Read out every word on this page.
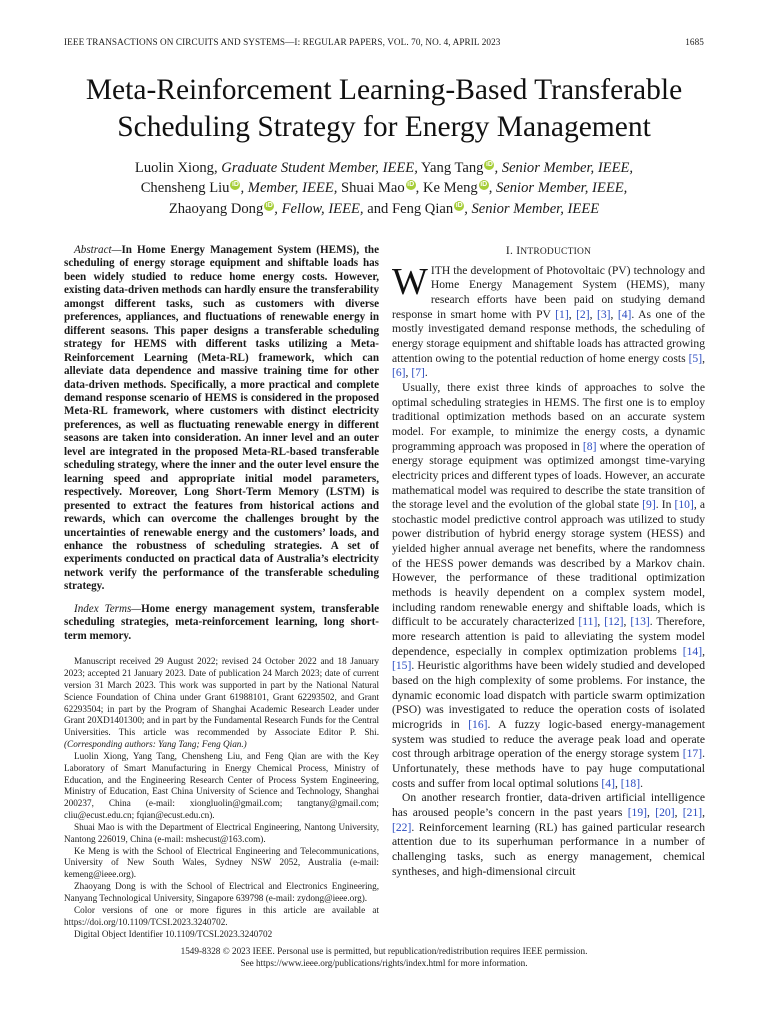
IEEE TRANSACTIONS ON CIRCUITS AND SYSTEMS—I: REGULAR PAPERS, VOL. 70, NO. 4, APRIL 2023	1685
Meta-Reinforcement Learning-Based Transferable
Scheduling Strategy for Energy Management
Luolin Xiong, Graduate Student Member, IEEE, Yang Tang iD , Senior Member, IEEE,
Chensheng Liu iD , Member, IEEE, Shuai Mao iD , Ke Meng iD , Senior Member, IEEE,
Zhaoyang Dong iD , Fellow, IEEE, and Feng Qian iD , Senior Member, IEEE

Abstract—In Home Energy Management System (HEMS), the scheduling of energy storage equipment and shiftable loads has been widely studied to reduce home energy costs. However, existing data-driven methods can hardly ensure the transferability amongst different tasks, such as customers with diverse preferences, appliances, and fluctuations of renewable energy in different seasons. This paper designs a transferable scheduling strategy for HEMS with different tasks utilizing a Meta-Reinforcement Learning (Meta-RL) framework, which can alleviate data dependence and massive training time for other data-driven methods. Specifically, a more practical and complete demand response scenario of HEMS is considered in the proposed Meta-RL framework, where customers with distinct electricity preferences, as well as fluctuating renewable energy in different seasons are taken into consideration. An inner level and an outer level are integrated in the proposed Meta-RL-based transferable scheduling strategy, where the inner and the outer level ensure the learning speed and appropriate initial model parameters, respectively. Moreover, Long Short-Term Memory (LSTM) is presented to extract the features from historical actions and rewards, which can overcome the challenges brought by the uncertainties of renewable energy and the customers’ loads, and enhance the robustness of scheduling strategies. A set of experiments conducted on practical data of Australia’s electricity network verify the performance of the transferable scheduling strategy.

Index Terms—Home energy management system, transferable scheduling strategies, meta-reinforcement learning, long short-term memory.

Manuscript received 29 August 2022; revised 24 October 2022 and 18 January 2023; accepted 21 January 2023. Date of publication 24 March 2023; date of current version 31 March 2023. This work was supported in part by the National Natural Science Foundation of China under Grant 61988101, Grant 62293502, and Grant 62293504; in part by the Program of Shanghai Academic Research Leader under Grant 20XD1401300; and in part by the Fundamental Research Funds for the Central Universities. This article was recommended by Associate Editor P. Shi. (Corresponding authors: Yang Tang; Feng Qian.)

Luolin Xiong, Yang Tang, Chensheng Liu, and Feng Qian are with the Key Laboratory of Smart Manufacturing in Energy Chemical Process, Ministry of Education, and the Engineering Research Center of Process System Engineering, Ministry of Education, East China University of Science and Technology, Shanghai 200237, China (e-mail: xiongluolin@gmail.com; tangtany@gmail.com; cliu@ecust.edu.cn; fqian@ecust.edu.cn).

Shuai Mao is with the Department of Electrical Engineering, Nantong University, Nantong 226019, China (e-mail: mshecust@163.com).

Ke Meng is with the School of Electrical Engineering and Telecommunications, University of New South Wales, Sydney NSW 2052, Australia (e-mail: kemeng@ieee.org).

Zhaoyang Dong is with the School of Electrical and Electronics Engineering, Nanyang Technological University, Singapore 639798 (e-mail: zydong@ieee.org).

Color versions of one or more figures in this article are available at https://doi.org/10.1109/TCSI.2023.3240702.

Digital Object Identifier 10.1109/TCSI.2023.3240702

I. INTRODUCTION

WITH the development of Photovoltaic (PV) technology and Home Energy Management System (HEMS), many research efforts have been paid on studying demand response in smart home with PV [1], [2], [3], [4]. As one of the mostly investigated demand response methods, the scheduling of energy storage equipment and shiftable loads has attracted growing attention owing to the potential reduction of home energy costs [5], [6], [7].

Usually, there exist three kinds of approaches to solve the optimal scheduling strategies in HEMS. The first one is to employ traditional optimization methods based on an accurate system model. For example, to minimize the energy costs, a dynamic programming approach was proposed in [8] where the operation of energy storage equipment was optimized amongst time-varying electricity prices and different types of loads. However, an accurate mathematical model was required to describe the state transition of the storage level and the evolution of the global state [9]. In [10], a stochastic model predictive control approach was utilized to study power distribution of hybrid energy storage system (HESS) and yielded higher annual average net benefits, where the randomness of the HESS power demands was described by a Markov chain. However, the performance of these traditional optimization methods is heavily dependent on a complex system model, including random renewable energy and shiftable loads, which is difficult to be accurately characterized [11], [12], [13]. Therefore, more research attention is paid to alleviating the system model dependence, especially in complex optimization problems [14], [15]. Heuristic algorithms have been widely studied and developed based on the high complexity of some problems. For instance, the dynamic economic load dispatch with particle swarm optimization (PSO) was investigated to reduce the operation costs of isolated microgrids in [16]. A fuzzy logic-based energy-management system was studied to reduce the average peak load and operate cost through arbitrage operation of the energy storage system [17]. Unfortunately, these methods have to pay huge computational costs and suffer from local optimal solutions [4], [18].

On another research frontier, data-driven artificial intelligence has aroused people’s concern in the past years [19], [20], [21], [22]. Reinforcement learning (RL) has gained particular research attention due to its superhuman performance in a number of challenging tasks, such as energy management, chemical syntheses, and high-dimensional circuit

1549-8328 © 2023 IEEE. Personal use is permitted, but republication/redistribution requires IEEE permission.
See https://www.ieee.org/publications/rights/index.html for more information.
